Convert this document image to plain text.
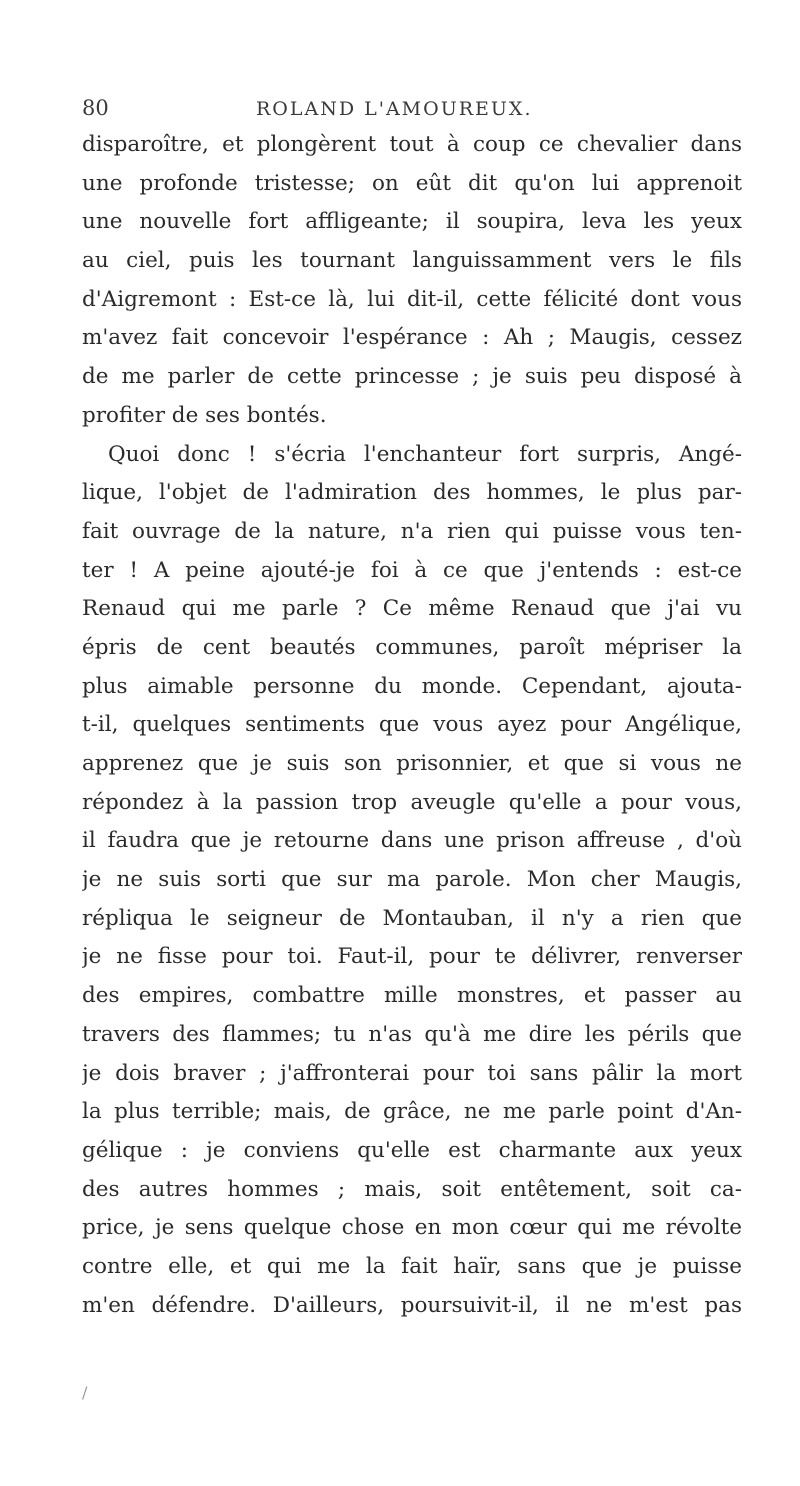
80	ROLAND L'AMOUREUX.
disparoître, et plongèrent tout à coup ce chevalier dans
une profonde tristesse; on eût dit qu'on lui apprenoit
une nouvelle fort affligeante; il soupira, leva les yeux
au ciel, puis les tournant languissamment vers le fils
d'Aigremont : Est-ce là, lui dit-il, cette félicité dont vous
m'avez fait concevoir l'espérance : Ah ; Maugis, cessez
de me parler de cette princesse ; je suis peu disposé à
profiter de ses bontés.
Quoi donc ! s'écria l'enchanteur fort surpris, Angé-
lique, l'objet de l'admiration des hommes, le plus par-
fait ouvrage de la nature, n'a rien qui puisse vous ten-
ter ! A peine ajouté-je foi à ce que j'entends : est-ce
Renaud qui me parle ? Ce même Renaud que j'ai vu
épris de cent beautés communes, paroît mépriser la
plus aimable personne du monde. Cependant, ajouta-
t-il, quelques sentiments que vous ayez pour Angélique,
apprenez que je suis son prisonnier, et que si vous ne
répondez à la passion trop aveugle qu'elle a pour vous,
il faudra que je retourne dans une prison affreuse , d'où
je ne suis sorti que sur ma parole. Mon cher Maugis,
répliqua le seigneur de Montauban, il n'y a rien que
je ne fisse pour toi. Faut-il, pour te délivrer, renverser
des empires, combattre mille monstres, et passer au
travers des flammes; tu n'as qu'à me dire les périls que
je dois braver ; j'affronterai pour toi sans pâlir la mort
la plus terrible; mais, de grâce, ne me parle point d'An-
gélique : je conviens qu'elle est charmante aux yeux
des autres hommes ; mais, soit entêtement, soit ca-
price, je sens quelque chose en mon cœur qui me révolte
contre elle, et qui me la fait haïr, sans que je puisse
m'en défendre. D'ailleurs, poursuivit-il, il ne m'est pas
/
